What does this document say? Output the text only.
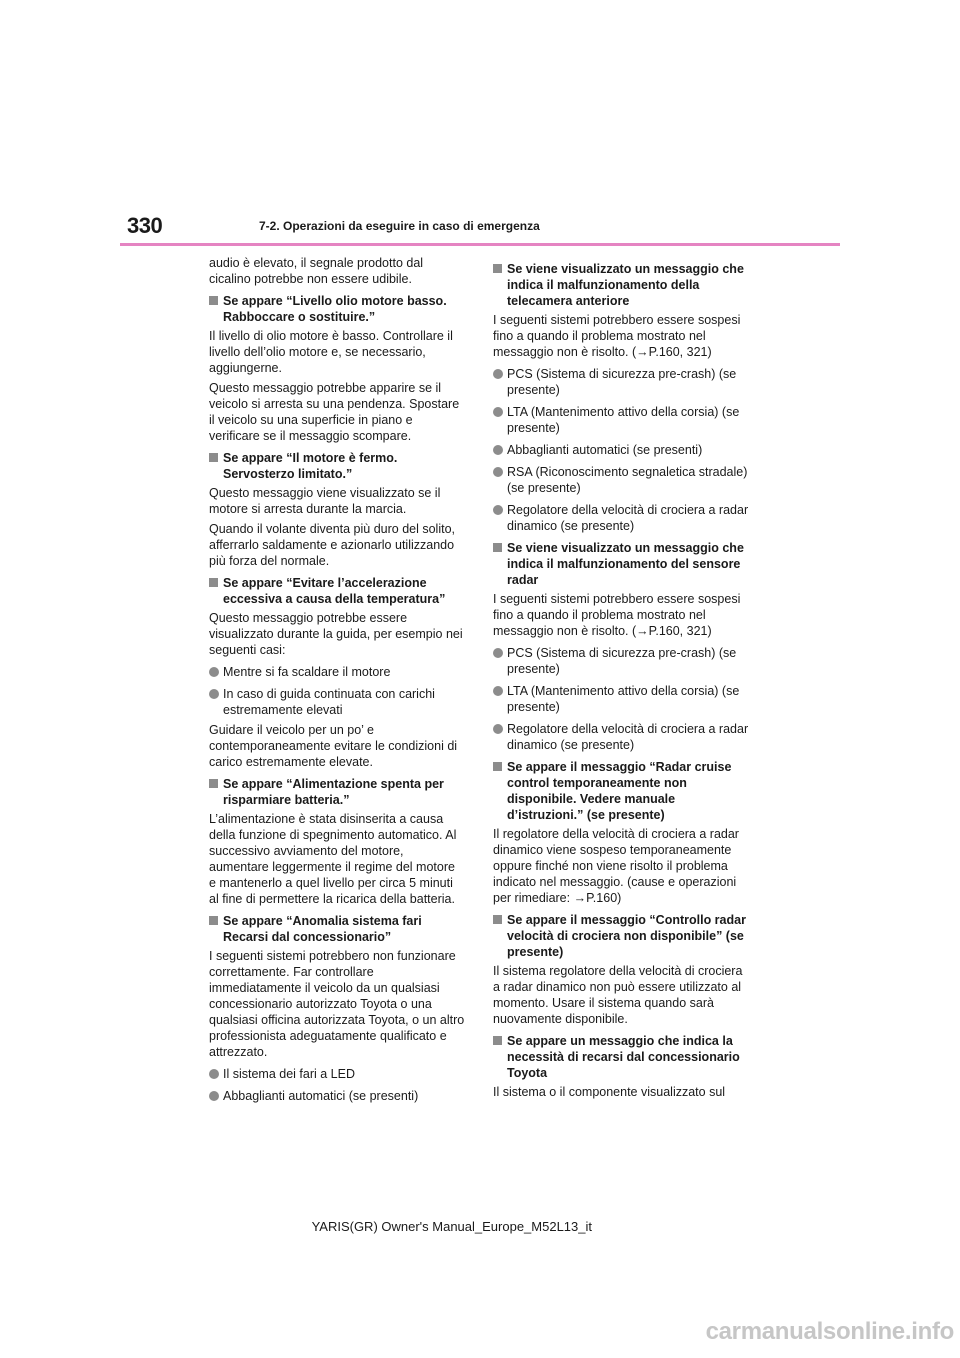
330	7-2. Operazioni da eseguire in caso di emergenza
audio è elevato, il segnale prodotto dal cicalino potrebbe non essere udibile.
Se appare “Livello olio motore basso. Rabboccare o sostituire.”
Il livello di olio motore è basso. Controllare il livello dell’olio motore e, se necessario, aggiungerne.
Questo messaggio potrebbe apparire se il veicolo si arresta su una pendenza. Spostare il veicolo su una superficie in piano e verificare se il messaggio scompare.
Se appare “Il motore è fermo. Servosterzo limitato.”
Questo messaggio viene visualizzato se il motore si arresta durante la marcia.
Quando il volante diventa più duro del solito, afferrarlo saldamente e azionarlo utilizzando più forza del normale.
Se appare “Evitare l’accelerazione eccessiva a causa della temperatura”
Questo messaggio potrebbe essere visualizzato durante la guida, per esempio nei seguenti casi:
Mentre si fa scaldare il motore
In caso di guida continuata con carichi estremamente elevati
Guidare il veicolo per un po’ e contemporaneamente evitare le condizioni di carico estremamente elevate.
Se appare “Alimentazione spenta per risparmiare batteria.”
L’alimentazione è stata disinserita a causa della funzione di spegnimento automatico. Al successivo avviamento del motore, aumentare leggermente il regime del motore e mantenerlo a quel livello per circa 5 minuti al fine di permettere la ricarica della batteria.
Se appare “Anomalia sistema fari Recarsi dal concessionario”
I seguenti sistemi potrebbero non funzionare correttamente. Far controllare immediatamente il veicolo da un qualsiasi concessionario autorizzato Toyota o una qualsiasi officina autorizzata Toyota, o un altro professionista adeguatamente qualificato e attrezzato.
Il sistema dei fari a LED
Abbaglianti automatici (se presenti)
Se viene visualizzato un messaggio che indica il malfunzionamento della telecamera anteriore
I seguenti sistemi potrebbero essere sospesi fino a quando il problema mostrato nel messaggio non è risolto. (→P.160, 321)
PCS (Sistema di sicurezza pre-crash) (se presente)
LTA (Mantenimento attivo della corsia) (se presente)
Abbaglianti automatici (se presenti)
RSA (Riconoscimento segnaletica stradale) (se presente)
Regolatore della velocità di crociera a radar dinamico (se presente)
Se viene visualizzato un messaggio che indica il malfunzionamento del sensore radar
I seguenti sistemi potrebbero essere sospesi fino a quando il problema mostrato nel messaggio non è risolto. (→P.160, 321)
PCS (Sistema di sicurezza pre-crash) (se presente)
LTA (Mantenimento attivo della corsia) (se presente)
Regolatore della velocità di crociera a radar dinamico (se presente)
Se appare il messaggio “Radar cruise control temporaneamente non disponibile. Vedere manuale d’istruzioni.” (se presente)
Il regolatore della velocità di crociera a radar dinamico viene sospeso temporaneamente oppure finché non viene risolto il problema indicato nel messaggio. (cause e operazioni per rimediare: →P.160)
Se appare il messaggio “Controllo radar velocità di crociera non disponibile” (se presente)
Il sistema regolatore della velocità di crociera a radar dinamico non può essere utilizzato al momento. Usare il sistema quando sarà nuovamente disponibile.
Se appare un messaggio che indica la necessità di recarsi dal concessionario Toyota
Il sistema o il componente visualizzato sul
YARIS(GR) Owner's Manual_Europe_M52L13_it
carmanualsonline.info
